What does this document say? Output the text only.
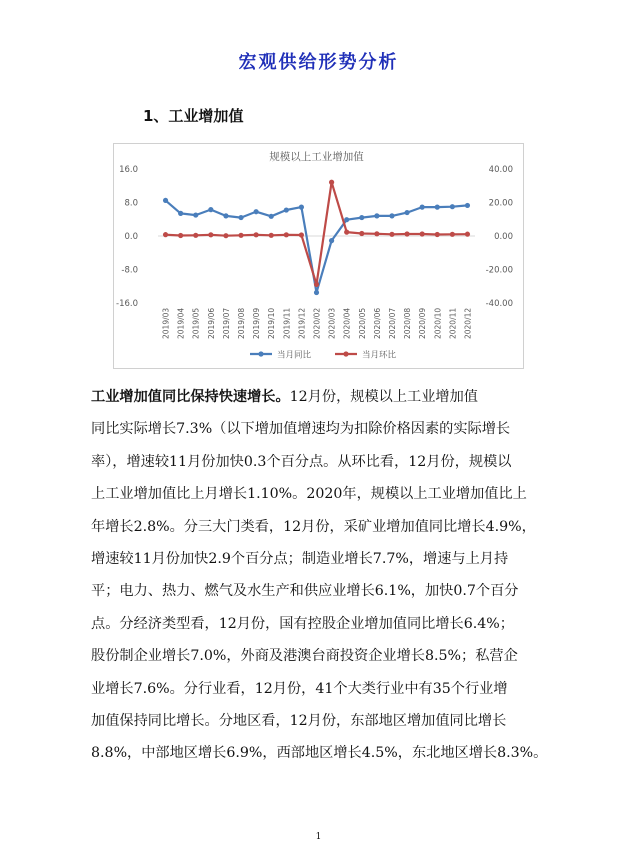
宏观供给形势分析
1、工业增加值
规模以上工业增加值
16.0
8.0
0.0
-8.0
-16.0
40.00
20.00
0.00
-20.00
-40.00
2019/03 2019/04 2019/05 2019/06 2019/07 2019/08 2019/09 2019/10 2019/11 2019/12 2020/02 2020/03 2020/04 2020/05 2020/06 2020/07 2020/08 2020/09 2020/10 2020/11 2020/12
当月同比	当月环比
工业增加值同比保持快速增长。12月份，规模以上工业增加值
同比实际增长7.3%（以下增加值增速均为扣除价格因素的实际增长
率），增速较11月份加快0.3个百分点。从环比看，12月份，规模以
上工业增加值比上月增长1.10%。2020年，规模以上工业增加值比上
年增长2.8%。分三大门类看，12月份，采矿业增加值同比增长4.9%，
增速较11月份加快2.9个百分点；制造业增长7.7%，增速与上月持
平；电力、热力、燃气及水生产和供应业增长6.1%，加快0.7个百分
点。分经济类型看，12月份，国有控股企业增加值同比增长6.4%；
股份制企业增长7.0%，外商及港澳台商投资企业增长8.5%；私营企
业增长7.6%。分行业看，12月份，41个大类行业中有35个行业增
加值保持同比增长。分地区看，12月份，东部地区增加值同比增长
8.8%，中部地区增长6.9%，西部地区增长4.5%，东北地区增长8.3%。
1
